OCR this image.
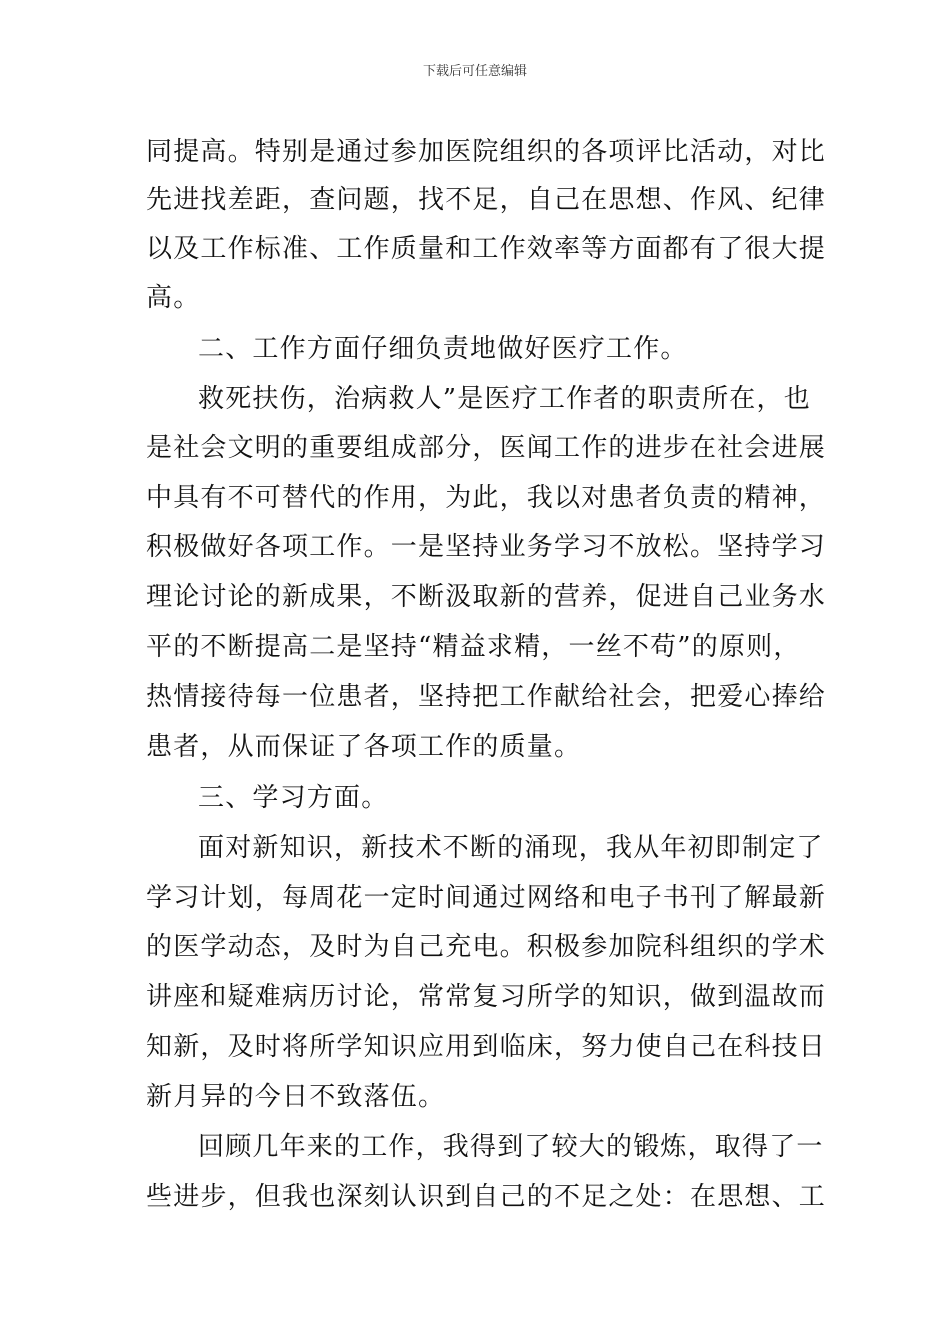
下载后可任意编辑
同提高。特别是通过参加医院组织的各项评比活动，对比
先进找差距，查问题，找不足，自己在思想、作风、纪律
以及工作标准、工作质量和工作效率等方面都有了很大提
高。
二、工作方面仔细负责地做好医疗工作。
救死扶伤，治病救人”是医疗工作者的职责所在，也
是社会文明的重要组成部分，医闻工作的进步在社会进展
中具有不可替代的作用，为此，我以对患者负责的精神，
积极做好各项工作。一是坚持业务学习不放松。坚持学习
理论讨论的新成果，不断汲取新的营养，促进自己业务水
平的不断提高二是坚持“精益求精，一丝不苟”的原则，
热情接待每一位患者，坚持把工作献给社会，把爱心捧给
患者，从而保证了各项工作的质量。
三、学习方面。
面对新知识，新技术不断的涌现，我从年初即制定了
学习计划，每周花一定时间通过网络和电子书刊了解最新
的医学动态，及时为自己充电。积极参加院科组织的学术
讲座和疑难病历讨论，常常复习所学的知识，做到温故而
知新，及时将所学知识应用到临床，努力使自己在科技日
新月异的今日不致落伍。
回顾几年来的工作，我得到了较大的锻炼，取得了一
些进步，但我也深刻认识到自己的不足之处：在思想、工
